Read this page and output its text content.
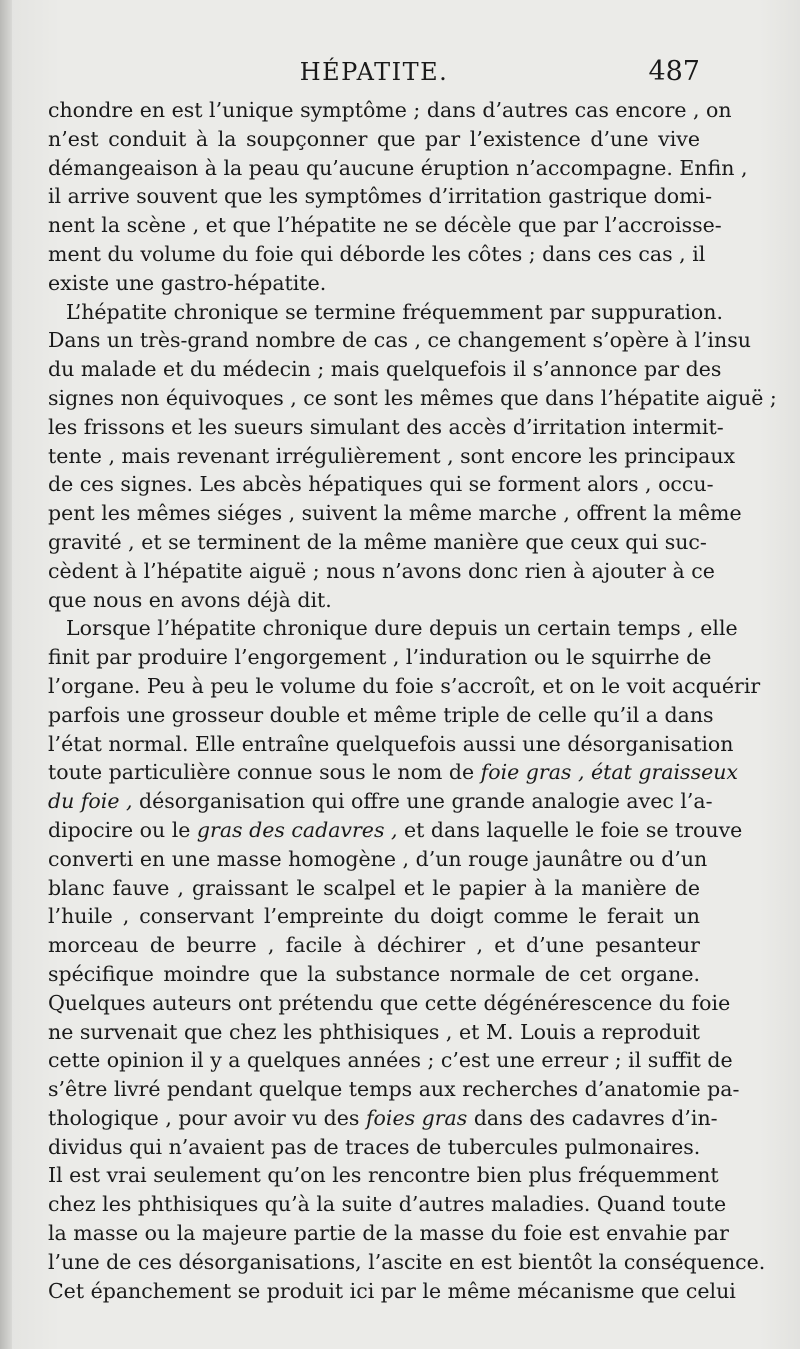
HÉPATITE.	487
chondre en est l’unique symptôme ; dans d’autres cas encore , on
n’est conduit à la soupçonner que par l’existence d’une vive
démangeaison à la peau qu’aucune éruption n’accompagne. Enfin ,
il arrive souvent que les symptômes d’irritation gastrique domi-
nent la scène , et que l’hépatite ne se décèle que par l’accroisse-
ment du volume du foie qui déborde les côtes ; dans ces cas , il
existe une gastro-hépatite.
L’hépatite chronique se termine fréquemment par suppuration.
Dans un très-grand nombre de cas , ce changement s’opère à l’insu
du malade et du médecin ; mais quelquefois il s’annonce par des
signes non équivoques , ce sont les mêmes que dans l’hépatite aiguë ;
les frissons et les sueurs simulant des accès d’irritation intermit-
tente , mais revenant irrégulièrement , sont encore les principaux
de ces signes. Les abcès hépatiques qui se forment alors , occu-
pent les mêmes siéges , suivent la même marche , offrent la même
gravité , et se terminent de la même manière que ceux qui suc-
cèdent à l’hépatite aiguë ; nous n’avons donc rien à ajouter à ce
que nous en avons déjà dit.
Lorsque l’hépatite chronique dure depuis un certain temps , elle
finit par produire l’engorgement , l’induration ou le squirrhe de
l’organe. Peu à peu le volume du foie s’accroît, et on le voit acquérir
parfois une grosseur double et même triple de celle qu’il a dans
l’état normal. Elle entraîne quelquefois aussi une désorganisation
toute particulière connue sous le nom de foie gras , état graisseux
du foie , désorganisation qui offre une grande analogie avec l’a-
dipocire ou le gras des cadavres , et dans laquelle le foie se trouve
converti en une masse homogène , d’un rouge jaunâtre ou d’un
blanc fauve , graissant le scalpel et le papier à la manière de
l’huile , conservant l’empreinte du doigt comme le ferait un
morceau de beurre , facile à déchirer , et d’une pesanteur
spécifique moindre que la substance normale de cet organe.
Quelques auteurs ont prétendu que cette dégénérescence du foie
ne survenait que chez les phthisiques , et M. Louis a reproduit
cette opinion il y a quelques années ; c’est une erreur ; il suffit de
s’être livré pendant quelque temps aux recherches d’anatomie pa-
thologique , pour avoir vu des foies gras dans des cadavres d’in-
dividus qui n’avaient pas de traces de tubercules pulmonaires.
Il est vrai seulement qu’on les rencontre bien plus fréquemment
chez les phthisiques qu’à la suite d’autres maladies. Quand toute
la masse ou la majeure partie de la masse du foie est envahie par
l’une de ces désorganisations, l’ascite en est bientôt la conséquence.
Cet épanchement se produit ici par le même mécanisme que celui
